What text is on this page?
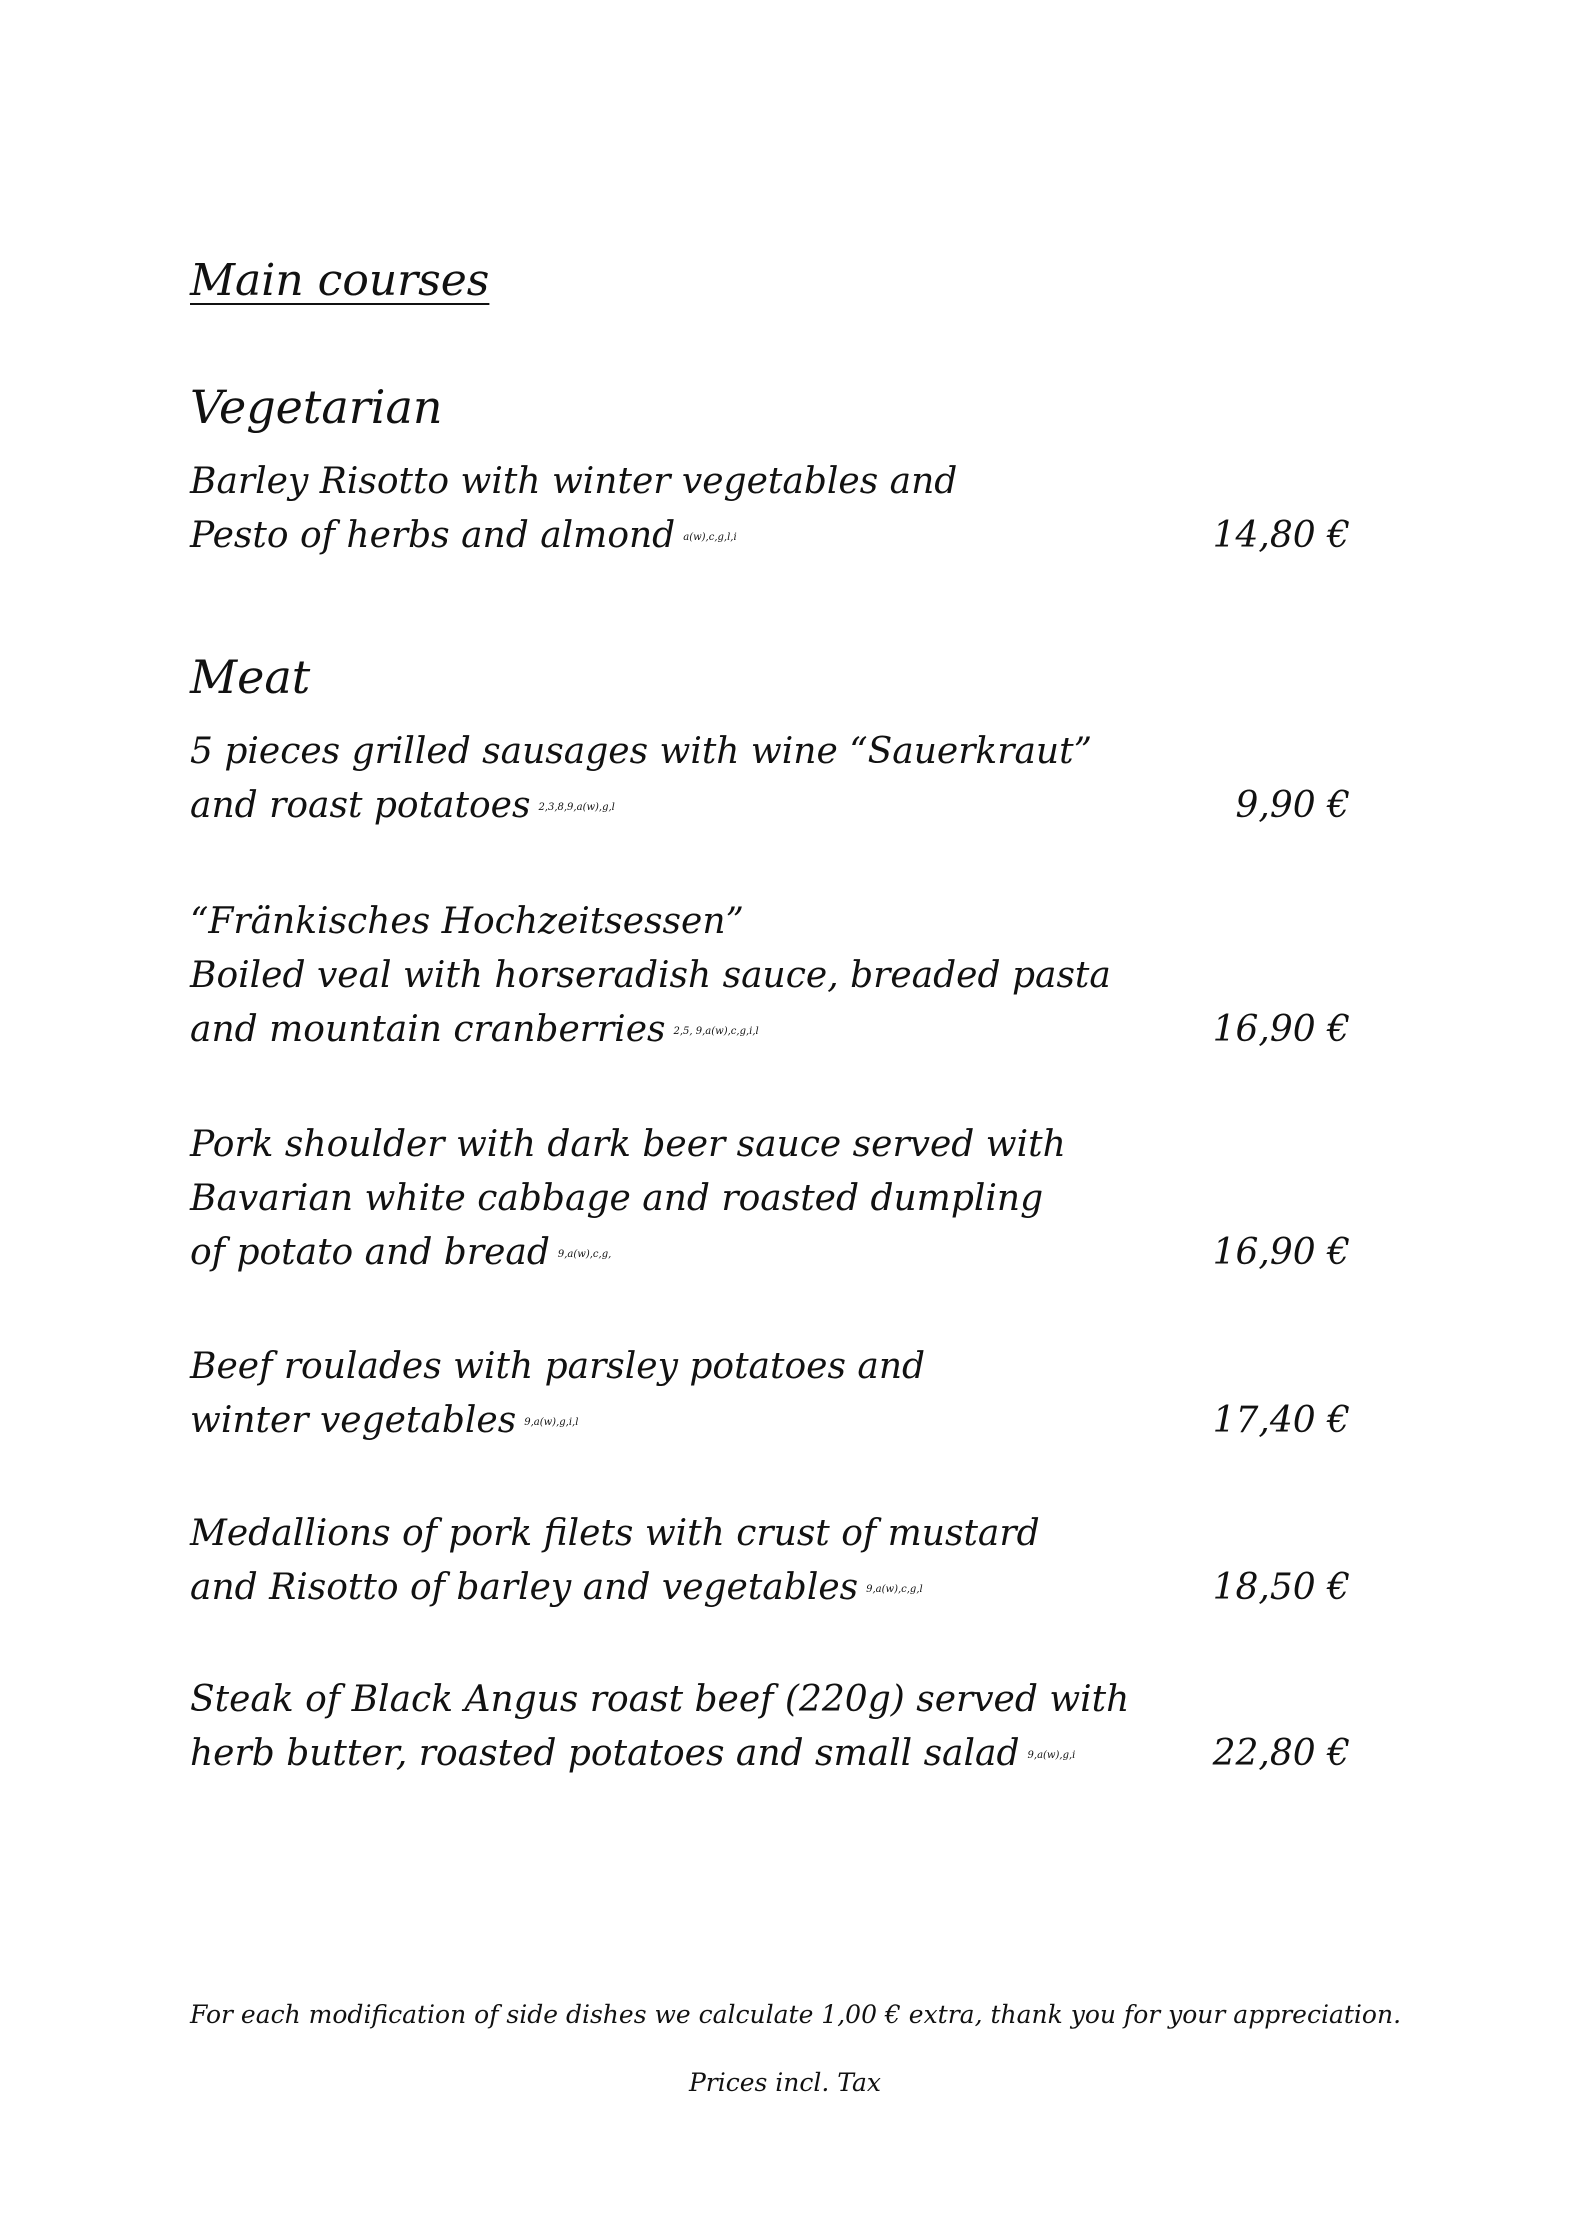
Main courses
Vegetarian
Barley Risotto with winter vegetables and
Pesto of herbs and almond a(w),c,g,l,i	14,80 €
Meat
5 pieces grilled sausages with wine “Sauerkraut”
and roast potatoes 2,3,8,9,a(w),g,l	9,90 €
“Fränkisches Hochzeitsessen”
Boiled veal with horseradish sauce, breaded pasta
and mountain cranberries 2,5, 9,a(w),c,g,i,l	16,90 €
Pork shoulder with dark beer sauce served with
Bavarian white cabbage and roasted dumpling
of potato and bread 9,a(w),c,g,	16,90 €
Beef roulades with parsley potatoes and
winter vegetables 9,a(w),g,i,l	17,40 €
Medallions of pork filets with crust of mustard
and Risotto of barley and vegetables 9,a(w),c,g,l	18,50 €
Steak of Black Angus roast beef (220g) served with
herb butter, roasted potatoes and small salad 9,a(w),g,i	22,80 €
For each modification of side dishes we calculate 1,00 € extra, thank you for your appreciation.
Prices incl. Tax
